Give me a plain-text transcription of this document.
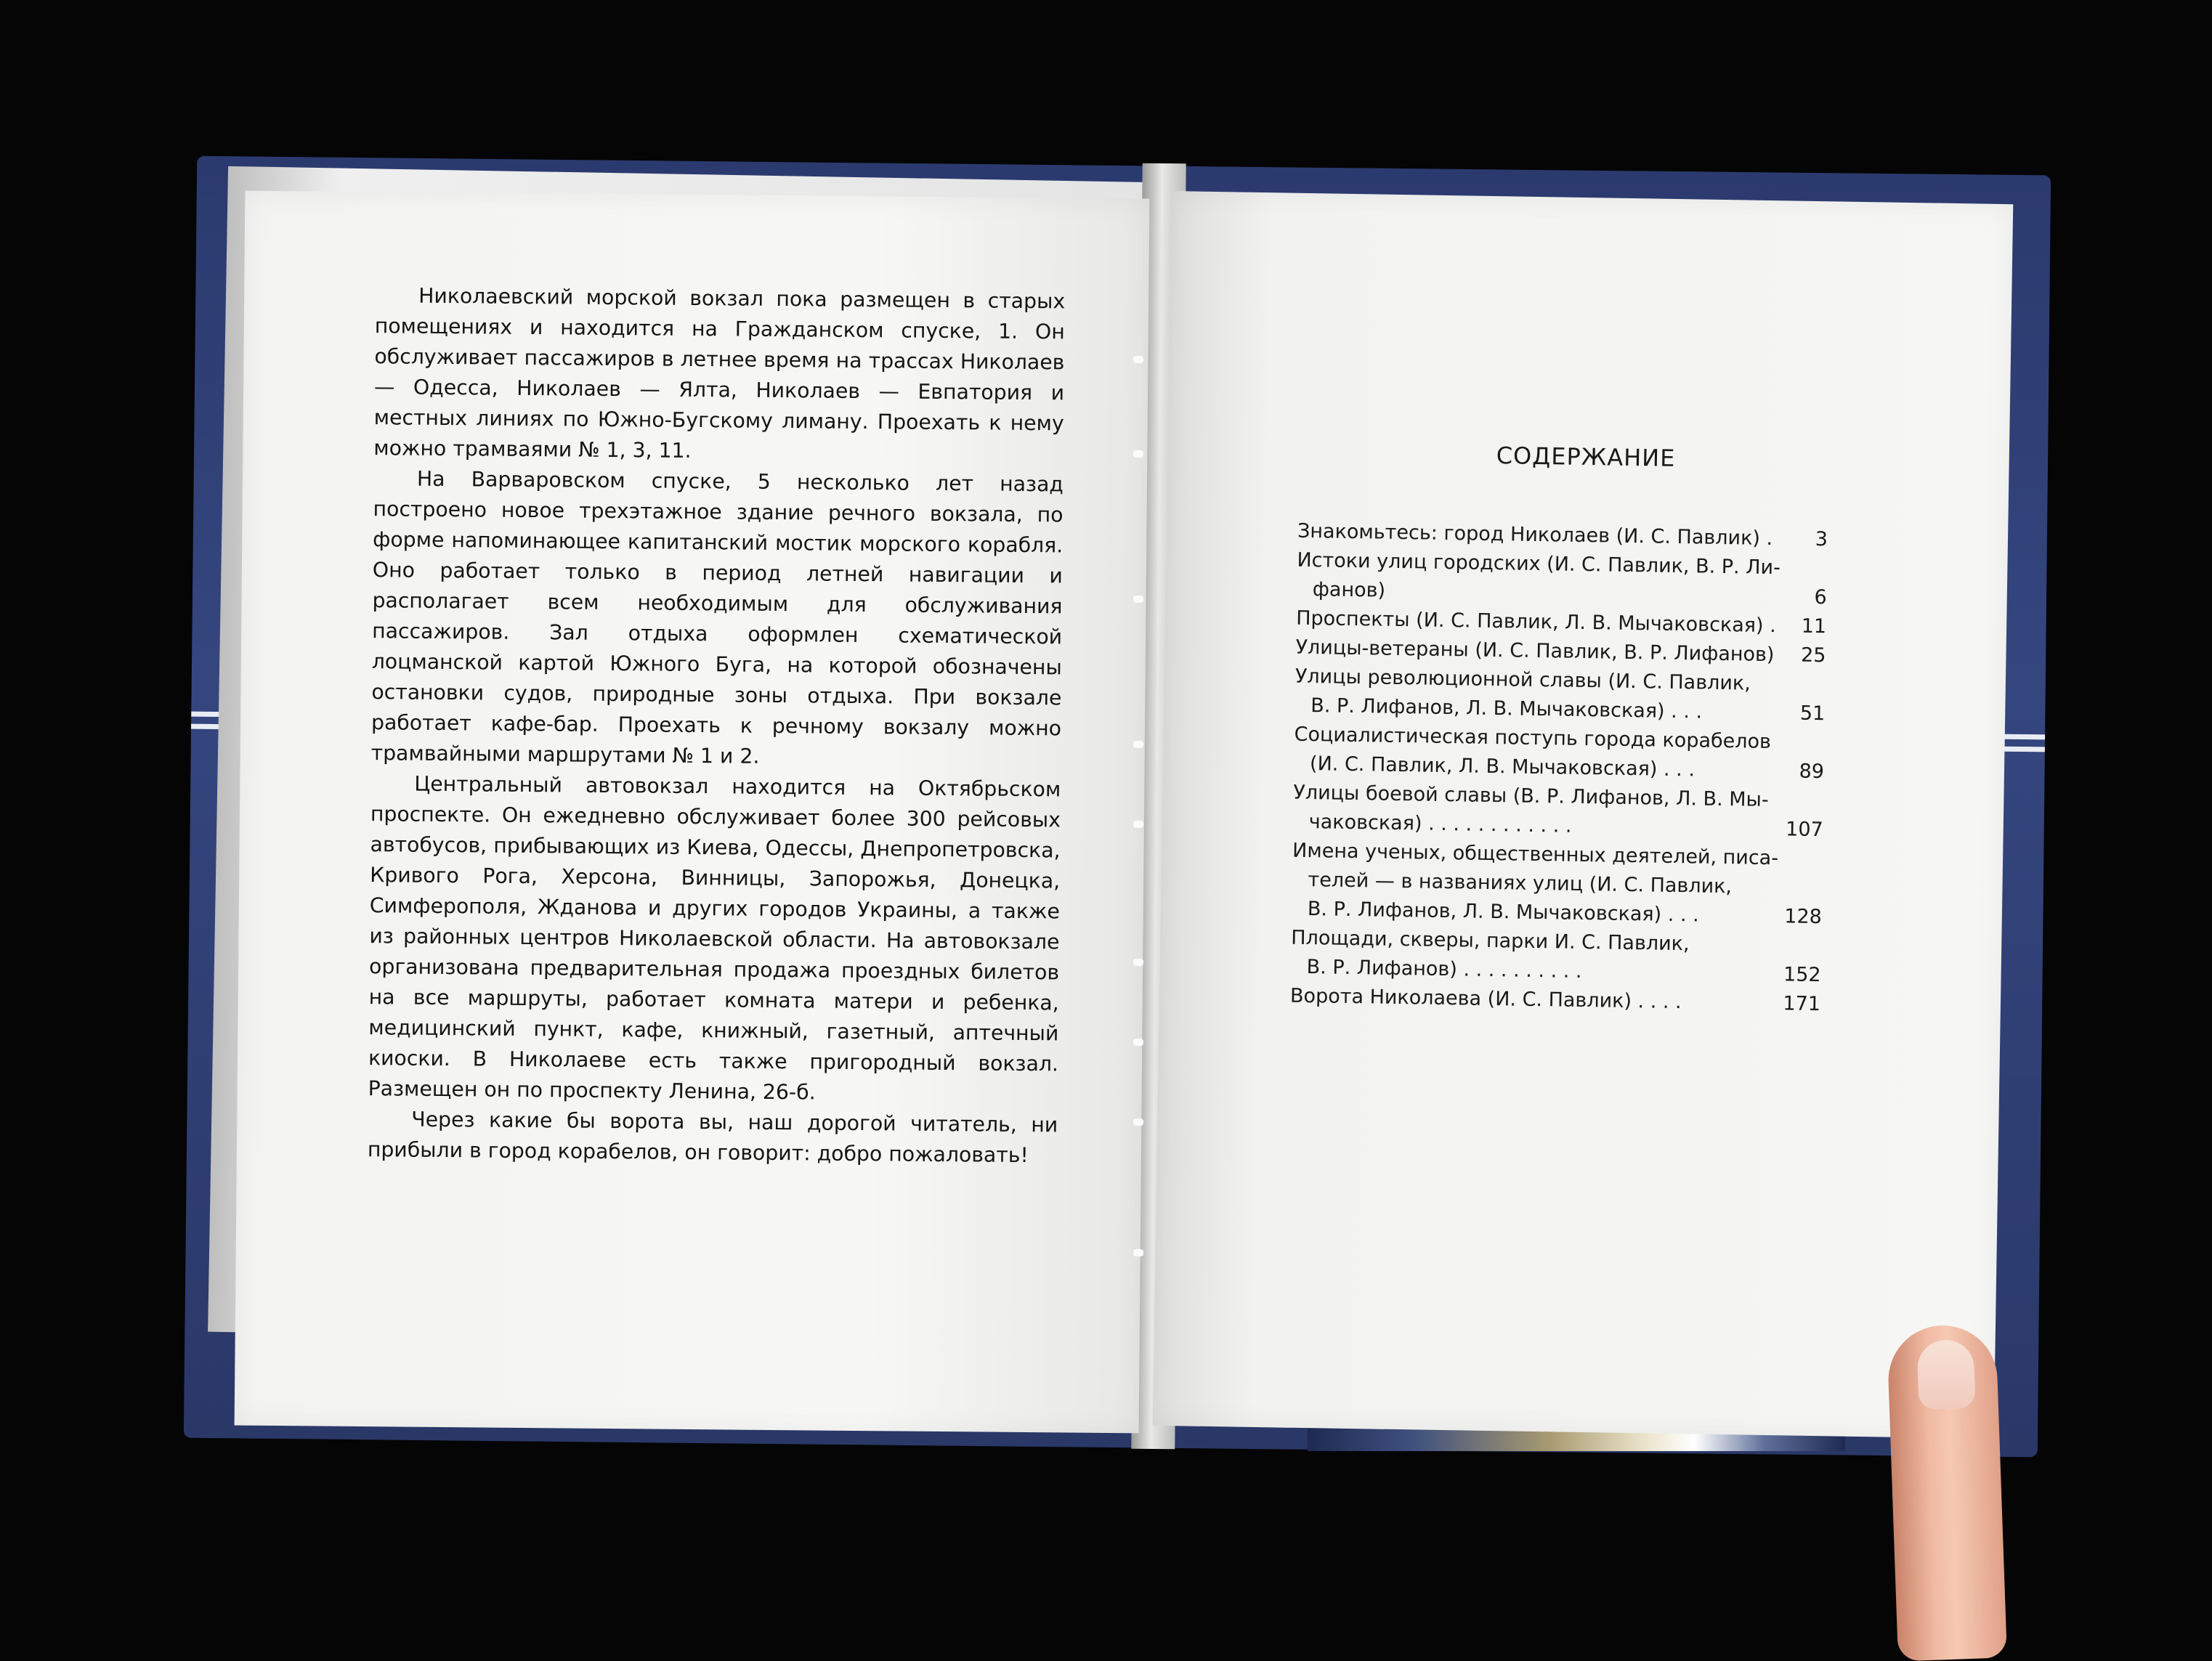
Николаевский морской вокзал пока размещен в старых помещениях и находится на Гражданском спуске, 1. Он обслуживает пассажиров в летнее время на трассах Николаев — Одесса, Николаев — Ялта, Николаев — Евпатория и местных линиях по Южно-Бугскому лиману. Проехать к нему можно трамваями № 1, 3, 11.

На Варваровском спуске, 5 несколько лет назад построено новое трехэтажное здание речного вокзала, по форме напоминающее капитанский мостик морского корабля. Оно работает только в период летней навигации и располагает всем необходимым для обслуживания пассажиров. Зал отдыха оформлен схематической лоцманской картой Южного Буга, на которой обозначены остановки судов, природные зоны отдыха. При вокзале работает кафе-бар. Проехать к речному вокзалу можно трамвайными маршрутами № 1 и 2.

Центральный автовокзал находится на Октябрьском проспекте. Он ежедневно обслуживает более 300 рейсовых автобусов, прибывающих из Киева, Одессы, Днепропетровска, Кривого Рога, Херсона, Винницы, Запорожья, Донецка, Симферополя, Жданова и других городов Украины, а также из районных центров Николаевской области. На автовокзале организована предварительная продажа проездных билетов на все маршруты, работает комната матери и ребенка, медицинский пункт, кафе, книжный, газетный, аптечный киоски. В Николаеве есть также пригородный вокзал. Размещен он по проспекту Ленина, 26-б.

Через какие бы ворота вы, наш дорогой читатель, ни прибыли в город корабелов, он говорит: добро пожаловать!

СОДЕРЖАНИЕ
Знакомьтесь: город Николаев (И. С. Павлик) .	3
Истоки улиц городских (И. С. Павлик, В. Р. Ли-
фанов)	6
Проспекты (И. С. Павлик, Л. В. Мычаковская) .	11
Улицы-ветераны (И. С. Павлик, В. Р. Лифанов)	25
Улицы революционной славы (И. С. Павлик,
В. Р. Лифанов, Л. В. Мычаковская) . . .	51
Социалистическая поступь города корабелов
(И. С. Павлик, Л. В. Мычаковская) . . .	89
Улицы боевой славы (В. Р. Лифанов, Л. В. Мы-
чаковская) . . . . . . . . . . . .	107
Имена ученых, общественных деятелей, писа-
телей — в названиях улиц (И. С. Павлик,
В. Р. Лифанов, Л. В. Мычаковская) . . .	128
Площади, скверы, парки И. С. Павлик,
В. Р. Лифанов) . . . . . . . . . .	152
Ворота Николаева (И. С. Павлик) . . . .	171
